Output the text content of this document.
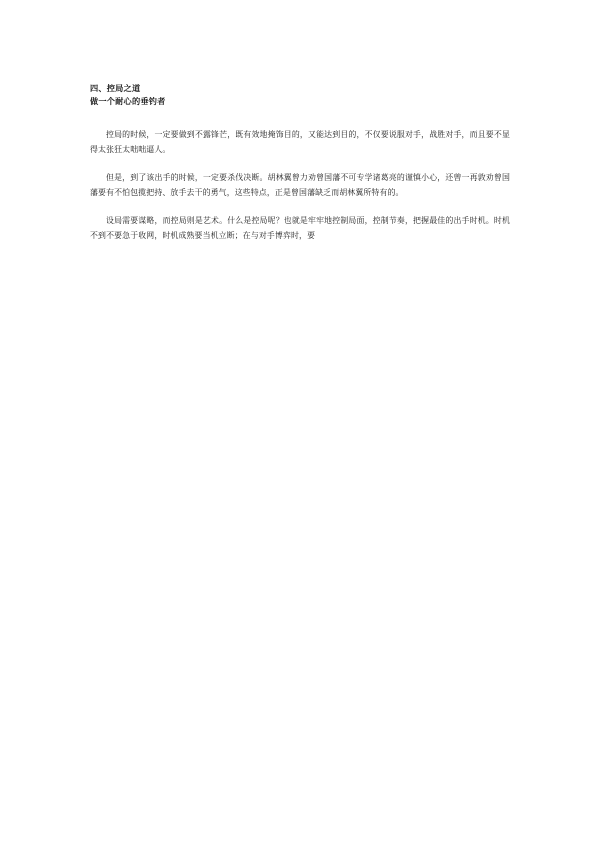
四、控局之道

做一个耐心的垂钓者

控局的时候，一定要做到不露锋芒，既有效地掩饰目的，又能达到目的，不仅要说服对手，战胜对手，而且要不显得太张狂太咄咄逼人。

但是，到了该出手的时候，一定要杀伐决断。胡林翼曾力劝曾国藩不可专学诸葛亮的谨慎小心，还曾一再敦劝曾国藩要有不怕包揽把持、放手去干的勇气，这些特点，正是曾国藩缺乏而胡林翼所特有的。

设局需要谋略，而控局则是艺术。什么是控局呢？也就是牢牢地控制局面，控制节奏，把握最佳的出手时机。时机不到不要急于收网，时机成熟要当机立断；在与对手博弈时，要
